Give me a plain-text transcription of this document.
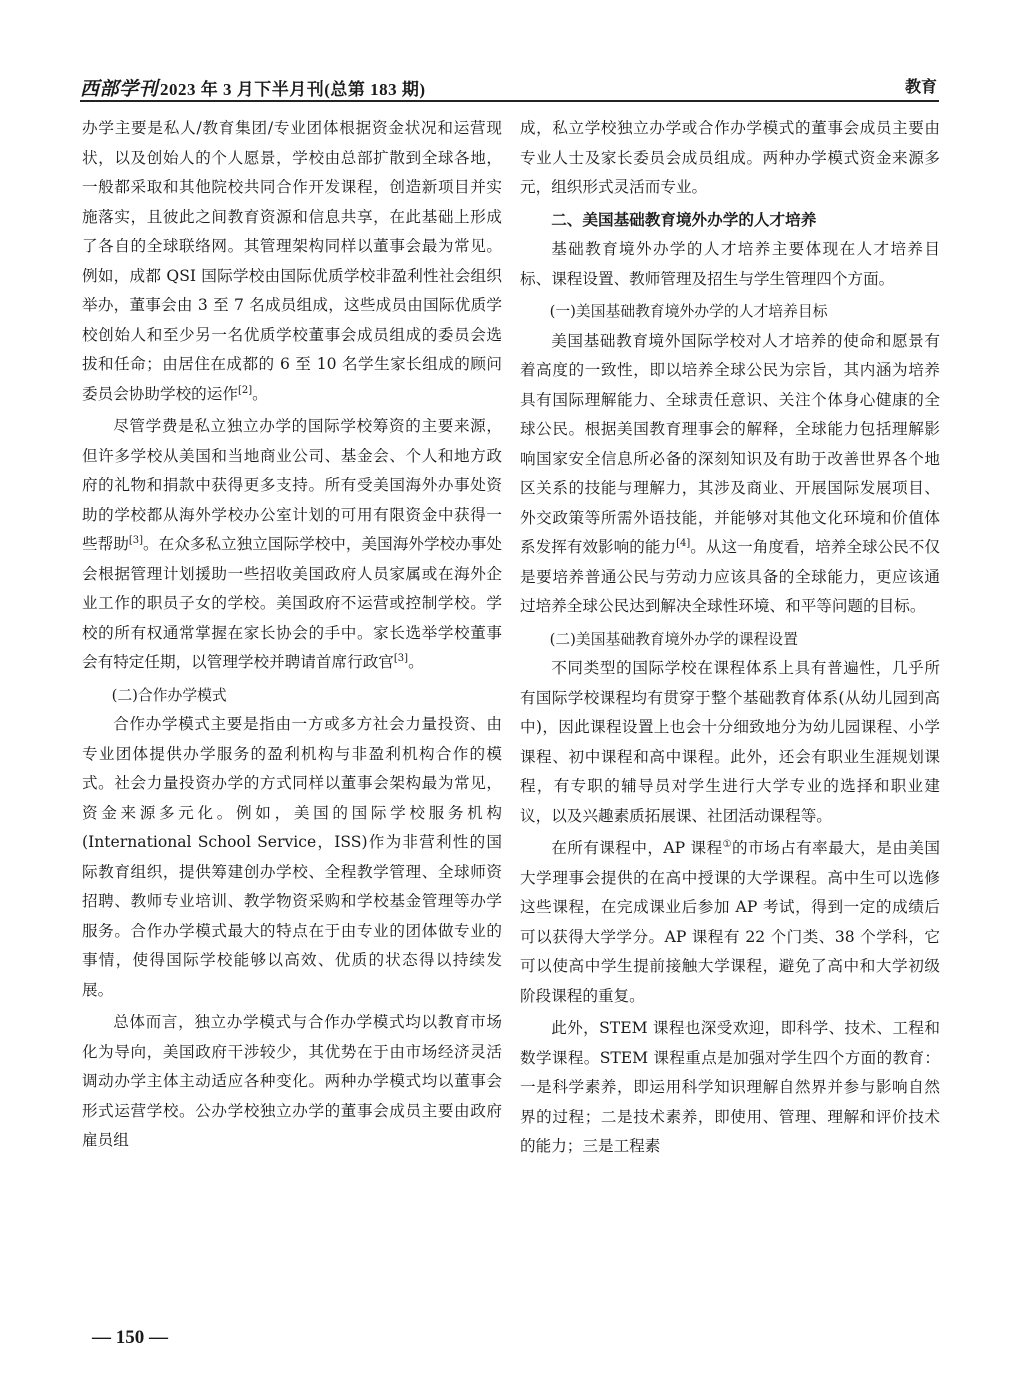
西部学刊 2023 年 3 月下半月刊(总第 183 期)	教育

办学主要是私人/教育集团/专业团体根据资金状况和运营现状，以及创始人的个人愿景，学校由总部扩散到全球各地，一般都采取和其他院校共同合作开发课程，创造新项目并实施落实，且彼此之间教育资源和信息共享，在此基础上形成了各自的全球联络网。其管理架构同样以董事会最为常见。例如，成都 QSI 国际学校由国际优质学校非盈利性社会组织举办，董事会由 3 至 7 名成员组成，这些成员由国际优质学校创始人和至少另一名优质学校董事会成员组成的委员会选拔和任命；由居住在成都的 6 至 10 名学生家长组成的顾问委员会协助学校的运作[2]。

尽管学费是私立独立办学的国际学校筹资的主要来源，但许多学校从美国和当地商业公司、基金会、个人和地方政府的礼物和捐款中获得更多支持。所有受美国海外办事处资助的学校都从海外学校办公室计划的可用有限资金中获得一些帮助[3]。在众多私立独立国际学校中，美国海外学校办事处会根据管理计划援助一些招收美国政府人员家属或在海外企业工作的职员子女的学校。美国政府不运营或控制学校。学校的所有权通常掌握在家长协会的手中。家长选举学校董事会有特定任期，以管理学校并聘请首席行政官[3]。

(二)合作办学模式

合作办学模式主要是指由一方或多方社会力量投资、由专业团体提供办学服务的盈利机构与非盈利机构合作的模式。社会力量投资办学的方式同样以董事会架构最为常见，资金来源多元化。例如，美国的国际学校服务机构(International School Service，ISS)作为非营利性的国际教育组织，提供筹建创办学校、全程教学管理、全球师资招聘、教师专业培训、教学物资采购和学校基金管理等办学服务。合作办学模式最大的特点在于由专业的团体做专业的事情，使得国际学校能够以高效、优质的状态得以持续发展。

总体而言，独立办学模式与合作办学模式均以教育市场化为导向，美国政府干涉较少，其优势在于由市场经济灵活调动办学主体主动适应各种变化。两种办学模式均以董事会形式运营学校。公办学校独立办学的董事会成员主要由政府雇员组

成，私立学校独立办学或合作办学模式的董事会成员主要由专业人士及家长委员会成员组成。两种办学模式资金来源多元，组织形式灵活而专业。

二、美国基础教育境外办学的人才培养

基础教育境外办学的人才培养主要体现在人才培养目标、课程设置、教师管理及招生与学生管理四个方面。

(一)美国基础教育境外办学的人才培养目标

美国基础教育境外国际学校对人才培养的使命和愿景有着高度的一致性，即以培养全球公民为宗旨，其内涵为培养具有国际理解能力、全球责任意识、关注个体身心健康的全球公民。根据美国教育理事会的解释，全球能力包括理解影响国家安全信息所必备的深刻知识及有助于改善世界各个地区关系的技能与理解力，其涉及商业、开展国际发展项目、外交政策等所需外语技能，并能够对其他文化环境和价值体系发挥有效影响的能力[4]。从这一角度看，培养全球公民不仅是要培养普通公民与劳动力应该具备的全球能力，更应该通过培养全球公民达到解决全球性环境、和平等问题的目标。

(二)美国基础教育境外办学的课程设置

不同类型的国际学校在课程体系上具有普遍性，几乎所有国际学校课程均有贯穿于整个基础教育体系(从幼儿园到高中)，因此课程设置上也会十分细致地分为幼儿园课程、小学课程、初中课程和高中课程。此外，还会有职业生涯规划课程，有专职的辅导员对学生进行大学专业的选择和职业建议，以及兴趣素质拓展课、社团活动课程等。

在所有课程中，AP 课程①的市场占有率最大，是由美国大学理事会提供的在高中授课的大学课程。高中生可以选修这些课程，在完成课业后参加 AP 考试，得到一定的成绩后可以获得大学学分。AP 课程有 22 个门类、38 个学科，它可以使高中学生提前接触大学课程，避免了高中和大学初级阶段课程的重复。

此外，STEM 课程也深受欢迎，即科学、技术、工程和数学课程。STEM 课程重点是加强对学生四个方面的教育：一是科学素养，即运用科学知识理解自然界并参与影响自然界的过程；二是技术素养，即使用、管理、理解和评价技术的能力；三是工程素

— 150 —
